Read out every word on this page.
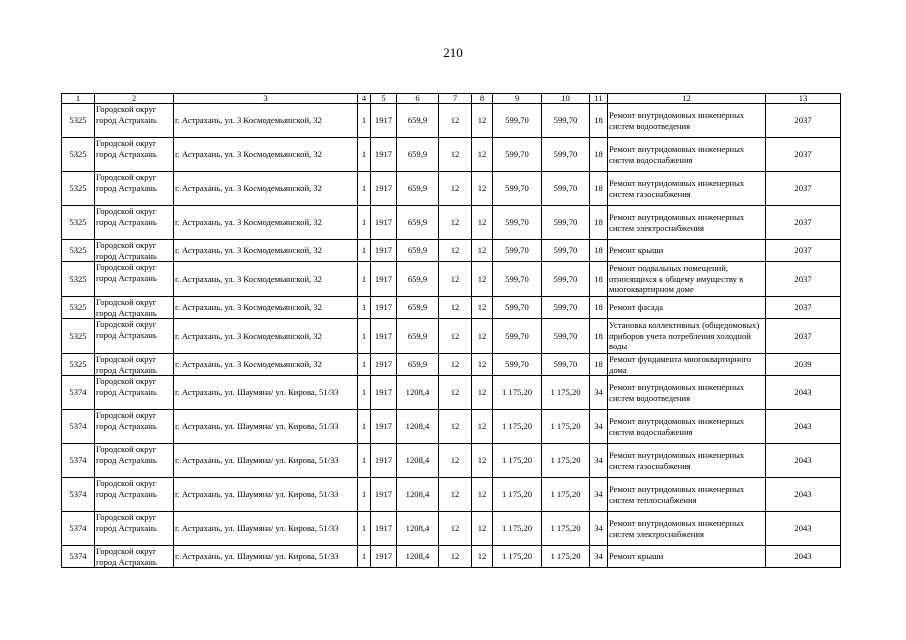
210
1	2	3	4	5	6	7	8	9	10	11	12	13
5325	Городской округ город Астрахань	г. Астрахань, ул. 3 Космодемьянской, 32	1	1917	659,9	12	12	599,70	599,70	18	Ремонт внутридомовых инженерных систем водоотведения	2037
5325	Городской округ город Астрахань	г. Астрахань, ул. 3 Космодемьянской, 32	1	1917	659,9	12	12	599,70	599,70	18	Ремонт внутридомовых инженерных систем водоснабжения	2037
5325	Городской округ город Астрахань	г. Астрахань, ул. 3 Космодемьянской, 32	1	1917	659,9	12	12	599,70	599,70	18	Ремонт внутридомовых инженерных систем газоснабжения	2037
5325	Городской округ город Астрахань	г. Астрахань, ул. 3 Космодемьянской, 32	1	1917	659,9	12	12	599,70	599,70	18	Ремонт внутридомовых инженерных систем электроснабжения	2037
5325	Городской округ город Астрахань	г. Астрахань, ул. 3 Космодемьянской, 32	1	1917	659,9	12	12	599,70	599,70	18	Ремонт крыши	2037
5325	Городской округ город Астрахань	г. Астрахань, ул. 3 Космодемьянской, 32	1	1917	659,9	12	12	599,70	599,70	18	Ремонт подвальных помещений, относящихся к общему имуществу в многоквартирном доме	2037
5325	Городской округ город Астрахань	г. Астрахань, ул. 3 Космодемьянской, 32	1	1917	659,9	12	12	599,70	599,70	18	Ремонт фасада	2037
5325	Городской округ город Астрахань	г. Астрахань, ул. 3 Космодемьянской, 32	1	1917	659,9	12	12	599,70	599,70	18	Установка коллективных (общедомовых) приборов учета потребления холодной воды	2037
5325	Городской округ город Астрахань	г. Астрахань, ул. 3 Космодемьянской, 32	1	1917	659,9	12	12	599,70	599,70	18	Ремонт фундамента многоквартирного дома	2039
5374	Городской округ город Астрахань	г. Астрахань, ул. Шаумяна/ ул. Кирова, 51/33	1	1917	1208,4	12	12	1 175,20	1 175,20	34	Ремонт внутридомовых инженерных систем водоотведения	2043
5374	Городской округ город Астрахань	г. Астрахань, ул. Шаумяна/ ул. Кирова, 51/33	1	1917	1208,4	12	12	1 175,20	1 175,20	34	Ремонт внутридомовых инженерных систем водоснабжения	2043
5374	Городской округ город Астрахань	г. Астрахань, ул. Шаумяна/ ул. Кирова, 51/33	1	1917	1208,4	12	12	1 175,20	1 175,20	34	Ремонт внутридомовых инженерных систем газоснабжения	2043
5374	Городской округ город Астрахань	г. Астрахань, ул. Шаумяна/ ул. Кирова, 51/33	1	1917	1208,4	12	12	1 175,20	1 175,20	34	Ремонт внутридомовых инженерных систем теплоснабжения	2043
5374	Городской округ город Астрахань	г. Астрахань, ул. Шаумяна/ ул. Кирова, 51/33	1	1917	1208,4	12	12	1 175,20	1 175,20	34	Ремонт внутридомовых инженерных систем электроснабжения	2043
5374	Городской округ город Астрахань	г. Астрахань, ул. Шаумяна/ ул. Кирова, 51/33	1	1917	1208,4	12	12	1 175,20	1 175,20	34	Ремонт крыши	2043
